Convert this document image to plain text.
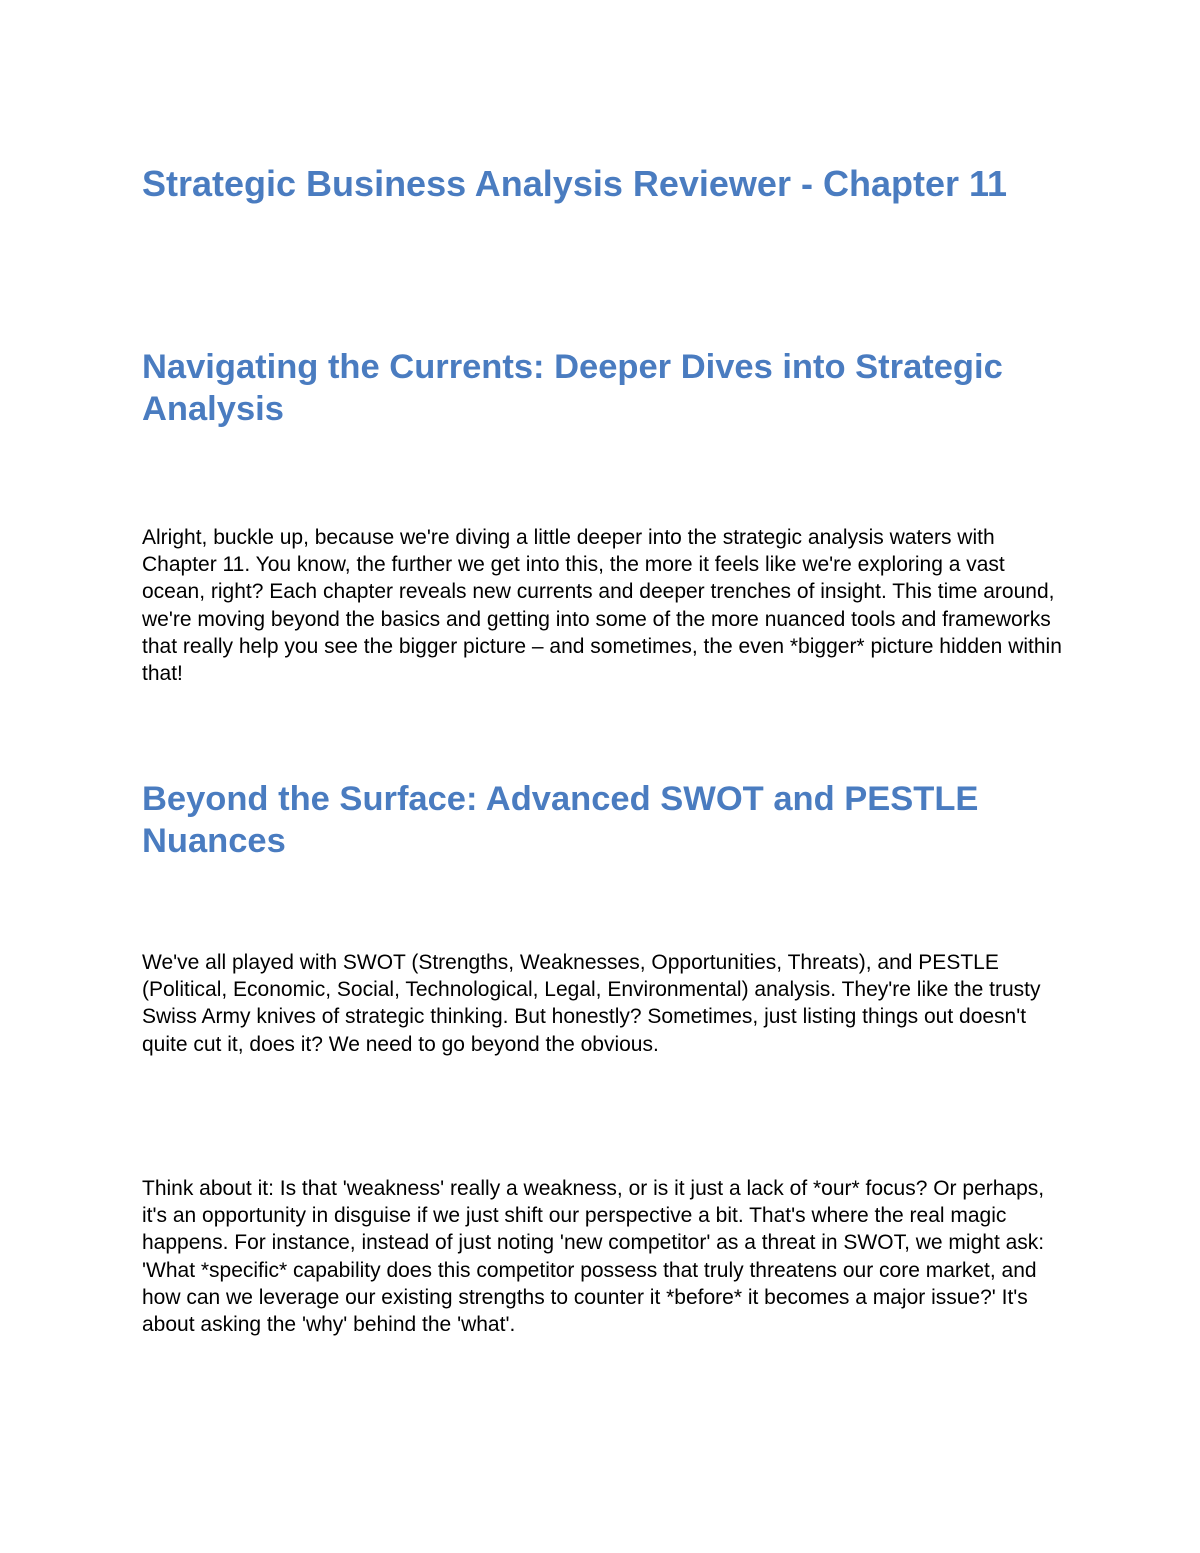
Strategic Business Analysis Reviewer - Chapter 11
Navigating the Currents: Deeper Dives into Strategic Analysis

Alright, buckle up, because we're diving a little deeper into the strategic analysis waters with Chapter 11. You know, the further we get into this, the more it feels like we're exploring a vast ocean, right? Each chapter reveals new currents and deeper trenches of insight. This time around, we're moving beyond the basics and getting into some of the more nuanced tools and frameworks that really help you see the bigger picture – and sometimes, the even *bigger* picture hidden within that!

Beyond the Surface: Advanced SWOT and PESTLE Nuances

We've all played with SWOT (Strengths, Weaknesses, Opportunities, Threats), and PESTLE (Political, Economic, Social, Technological, Legal, Environmental) analysis. They're like the trusty Swiss Army knives of strategic thinking. But honestly? Sometimes, just listing things out doesn't quite cut it, does it? We need to go beyond the obvious.

Think about it: Is that 'weakness' really a weakness, or is it just a lack of *our* focus? Or perhaps, it's an opportunity in disguise if we just shift our perspective a bit. That's where the real magic happens. For instance, instead of just noting 'new competitor' as a threat in SWOT, we might ask: 'What *specific* capability does this competitor possess that truly threatens our core market, and how can we leverage our existing strengths to counter it *before* it becomes a major issue?' It's about asking the 'why' behind the 'what'.
